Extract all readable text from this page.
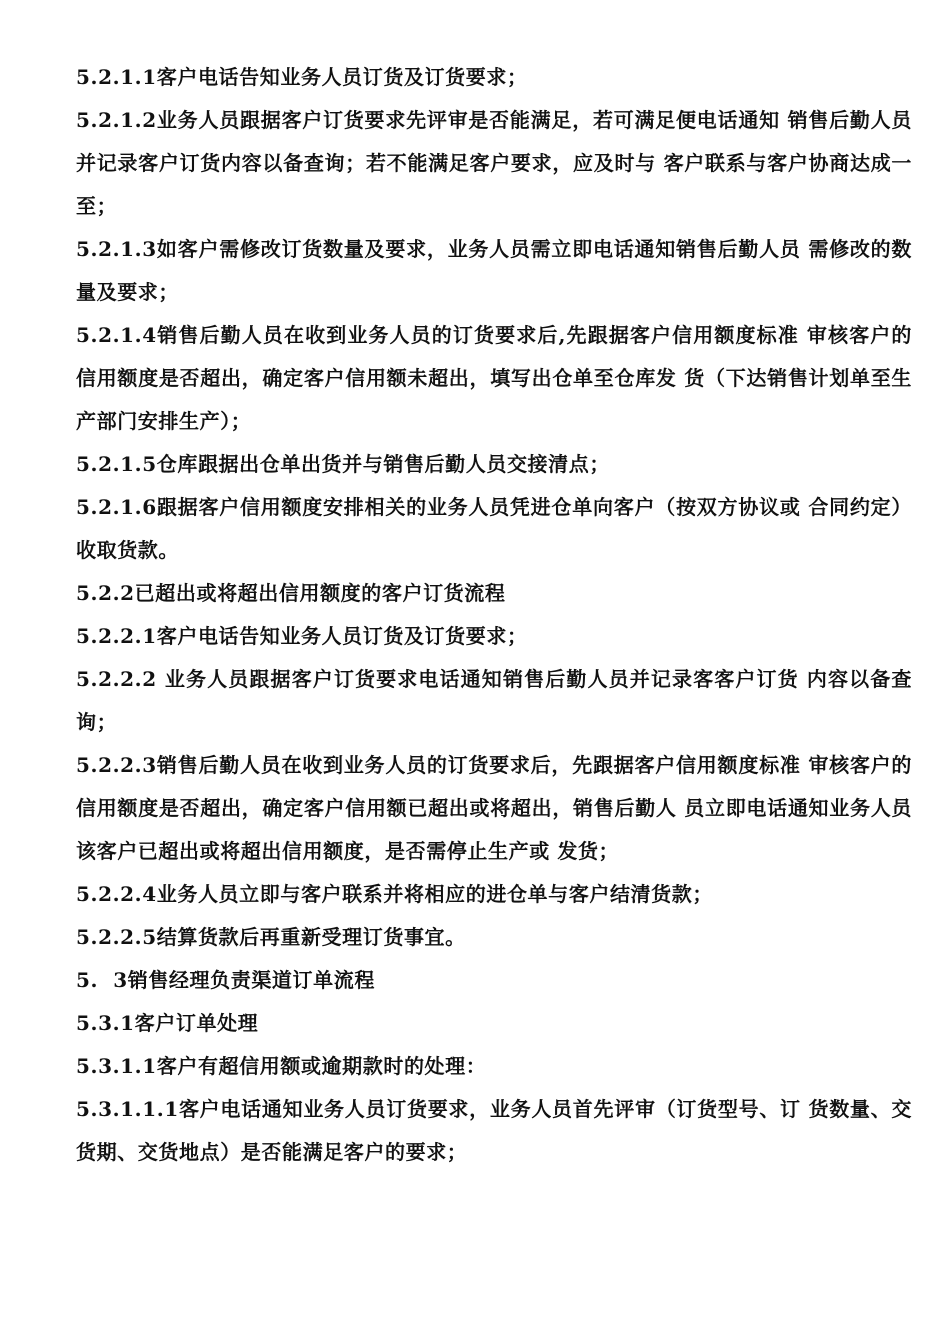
5.2.1.1客户电话告知业务人员订货及订货要求；

5.2.1.2业务人员跟据客户订货要求先评审是否能满足，若可满足便电话通知 销售后勤人员并记录客户订货内容以备查询；若不能满足客户要求，应及时与 客户联系与客户协商达成一至；

5.2.1.3如客户需修改订货数量及要求，业务人员需立即电话通知销售后勤人员 需修改的数量及要求；

5.2.1.4销售后勤人员在收到业务人员的订货要求后,先跟据客户信用额度标准 审核客户的信用额度是否超出，确定客户信用额未超出，填写出仓单至仓库发 货（下达销售计划单至生产部门安排生产）；

5.2.1.5仓库跟据出仓单出货并与销售后勤人员交接清点；

5.2.1.6跟据客户信用额度安排相关的业务人员凭进仓单向客户（按双方协议或 合同约定）收取货款。

5.2.2已超出或将超出信用额度的客户订货流程

5.2.2.1客户电话告知业务人员订货及订货要求；

5.2.2.2 业务人员跟据客户订货要求电话通知销售后勤人员并记录客客户订货 内容以备查询；

5.2.2.3销售后勤人员在收到业务人员的订货要求后，先跟据客户信用额度标准 审核客户的信用额度是否超出，确定客户信用额已超出或将超出，销售后勤人 员立即电话通知业务人员该客户已超出或将超出信用额度，是否需停止生产或 发货；

5.2.2.4业务人员立即与客户联系并将相应的进仓单与客户结清货款；

5.2.2.5结算货款后再重新受理订货事宜。

5.  3销售经理负责渠道订单流程

5.3.1客户订单处理

5.3.1.1客户有超信用额或逾期款时的处理：

5.3.1.1.1客户电话通知业务人员订货要求，业务人员首先评审（订货型号、订 货数量、交货期、交货地点）是否能满足客户的要求；
